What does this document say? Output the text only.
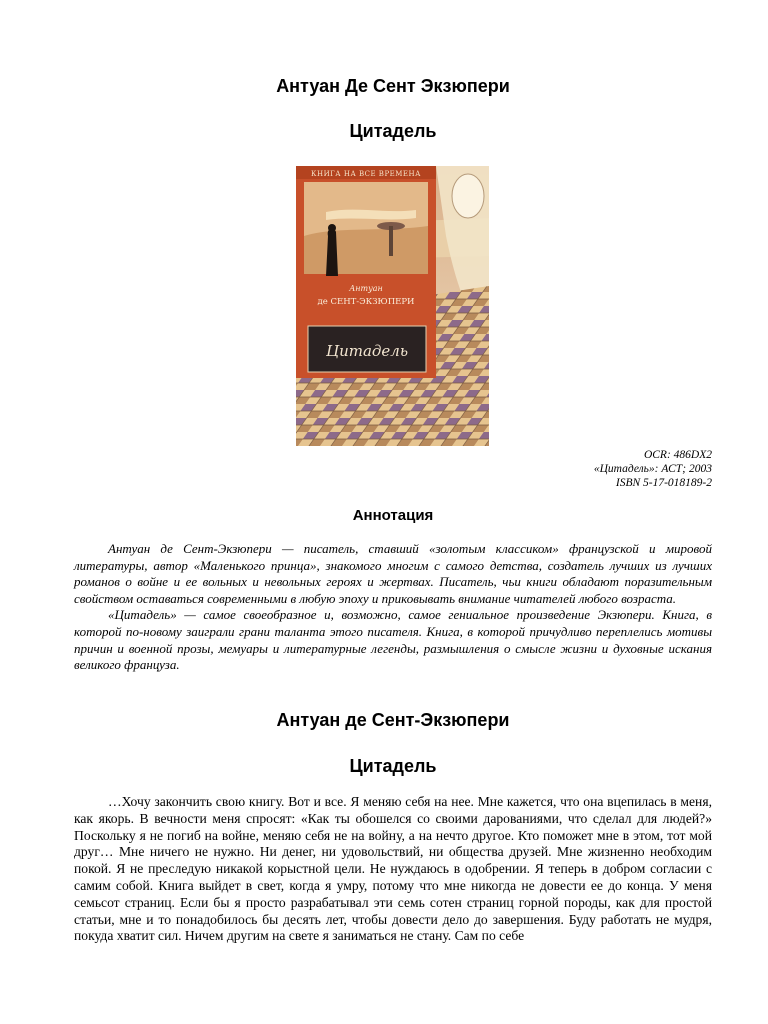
Антуан Де Сент Экзюпери
Цитадель
КНИГА НА ВСЕ ВРЕМЕНА
Антуан
де СЕНТ-ЭКЗЮПЕРИ
Цитадель
OCR: 486DX2
«Цитадель»: АСТ; 2003
ISBN 5-17-018189-2
Аннотация

Антуан де Сент-Экзюпери — писатель, ставший «золотым классиком» французской и мировой литературы, автор «Маленького принца», знакомого многим с самого детства, создатель лучших из лучших романов о войне и ее вольных и невольных героях и жертвах. Писатель, чьи книги обладают поразительным свойством оставаться современными в любую эпоху и приковывать внимание читателей любого возраста.

«Цитадель» — самое своеобразное и, возможно, самое гениальное произведение Экзюпери. Книга, в которой по-новому заиграли грани таланта этого писателя. Книга, в которой причудливо переплелись мотивы причин и военной прозы, мемуары и литературные легенды, размышления о смысле жизни и духовные искания великого француза.

Антуан де Сент-Экзюпери
Цитадель

…Хочу закончить свою книгу. Вот и все. Я меняю себя на нее. Мне кажется, что она вцепилась в меня, как якорь. В вечности меня спросят: «Как ты обошелся со своими дарованиями, что сделал для людей?» Поскольку я не погиб на войне, меняю себя не на войну, а на нечто другое. Кто поможет мне в этом, тот мой друг… Мне ничего не нужно. Ни денег, ни удовольствий, ни общества друзей. Мне жизненно необходим покой. Я не преследую никакой корыстной цели. Не нуждаюсь в одобрении. Я теперь в добром согласии с самим собой. Книга выйдет в свет, когда я умру, потому что мне никогда не довести ее до конца. У меня семьсот страниц. Если бы я просто разрабатывал эти семь сотен страниц горной породы, как для простой статьи, мне и то понадобилось бы десять лет, чтобы довести дело до завершения. Буду работать не мудря, покуда хватит сил. Ничем другим на свете я заниматься не стану. Сам по себе
